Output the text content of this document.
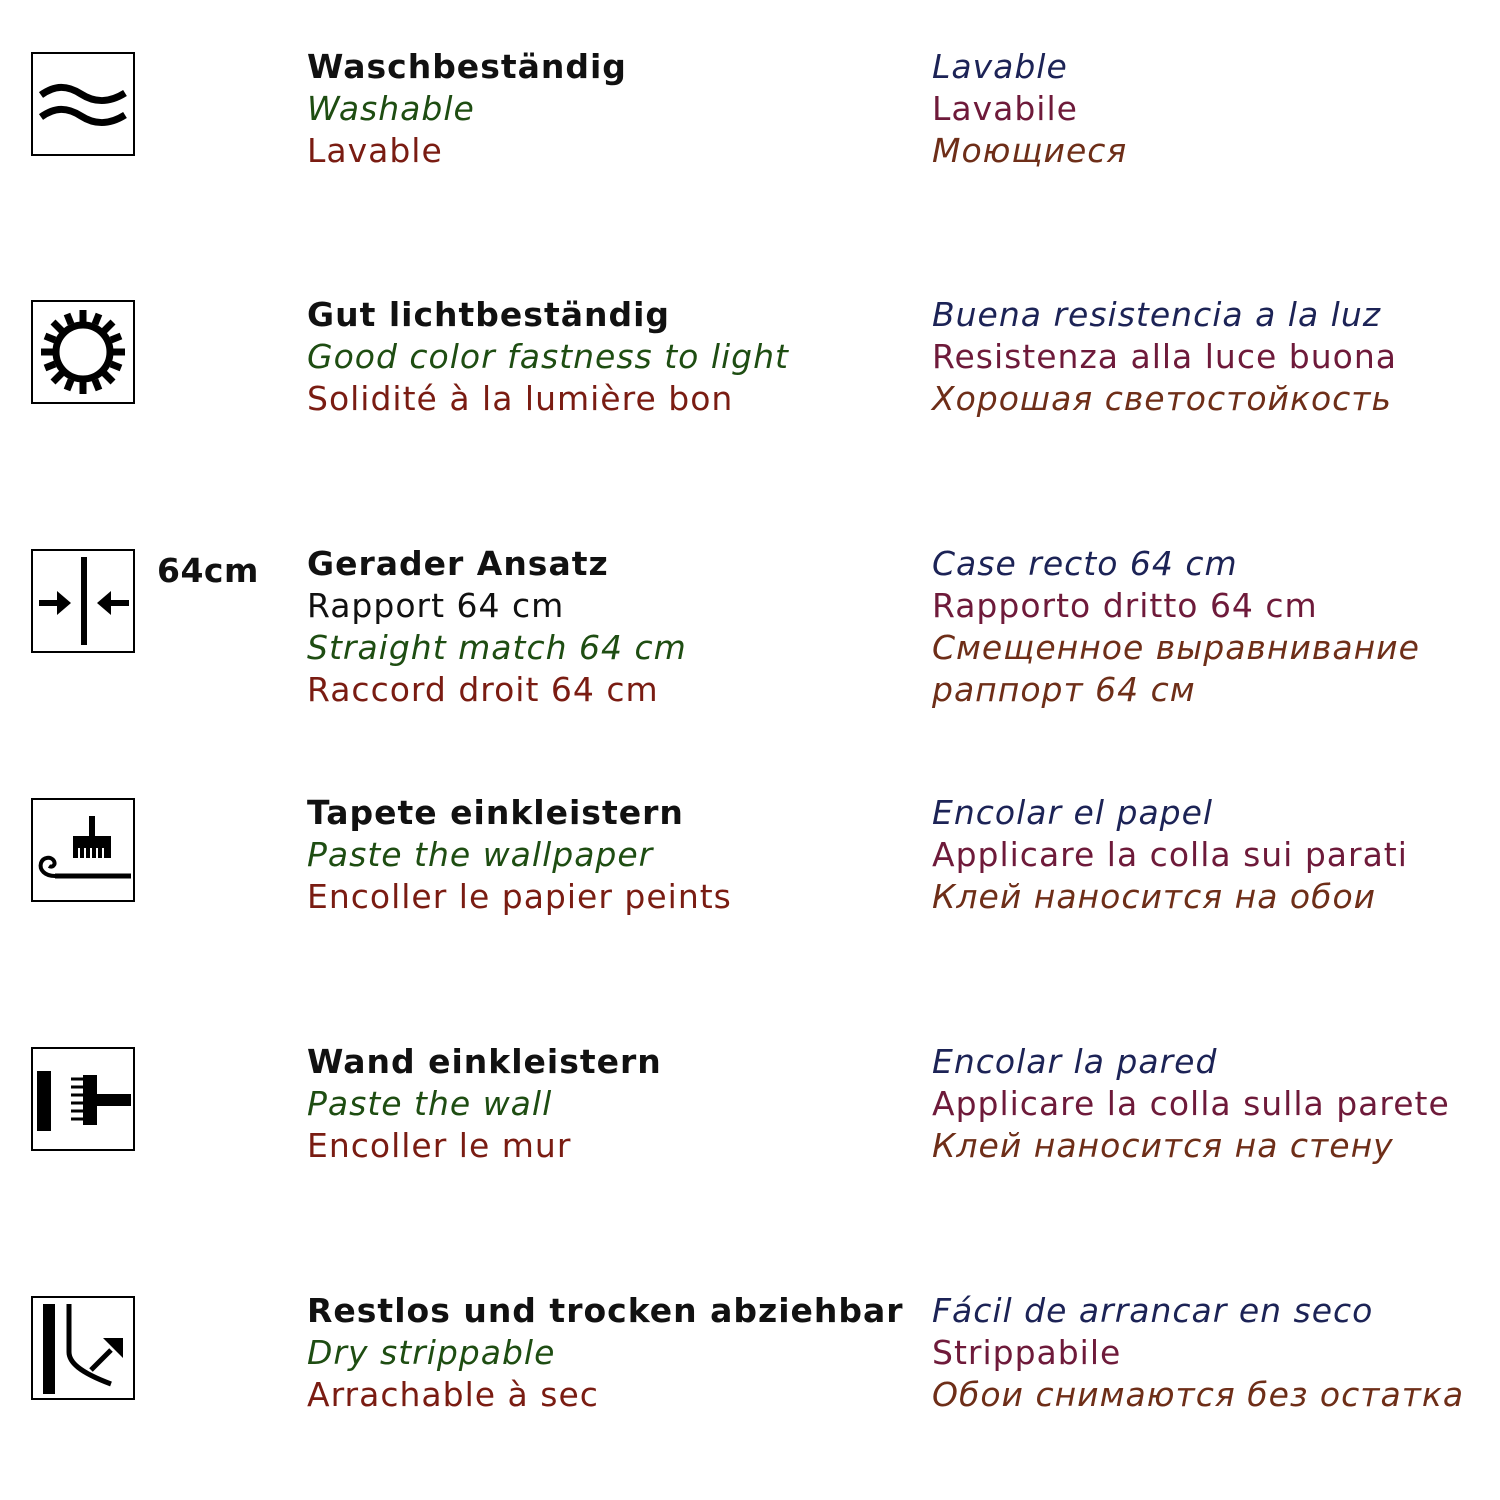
Waschbeständig
Washable
Lavable
Lavable
Lavabile
Моющиеся
Gut lichtbeständig
Good color fastness to light
Solidité à la lumière bon
Buena resistencia a la luz
Resistenza alla luce buona
Хорошая светостойкость
64cm Gerader Ansatz
Rapport 64 cm
Straight match 64 cm
Raccord droit 64 cm
Case recto 64 cm
Rapporto dritto 64 cm
Смещенное выравнивание
раппорт 64 см
Tapete einkleistern
Paste the wallpaper
Encoller le papier peints
Encolar el papel
Applicare la colla sui parati
Клей наносится на обои
Wand einkleistern
Paste the wall
Encoller le mur
Encolar la pared
Applicare la colla sulla parete
Клей наносится на стену
Restlos und trocken abziehbar
Dry strippable
Arrachable à sec
Fácil de arrancar en seco
Strippabile
Обои снимаются без остатка
